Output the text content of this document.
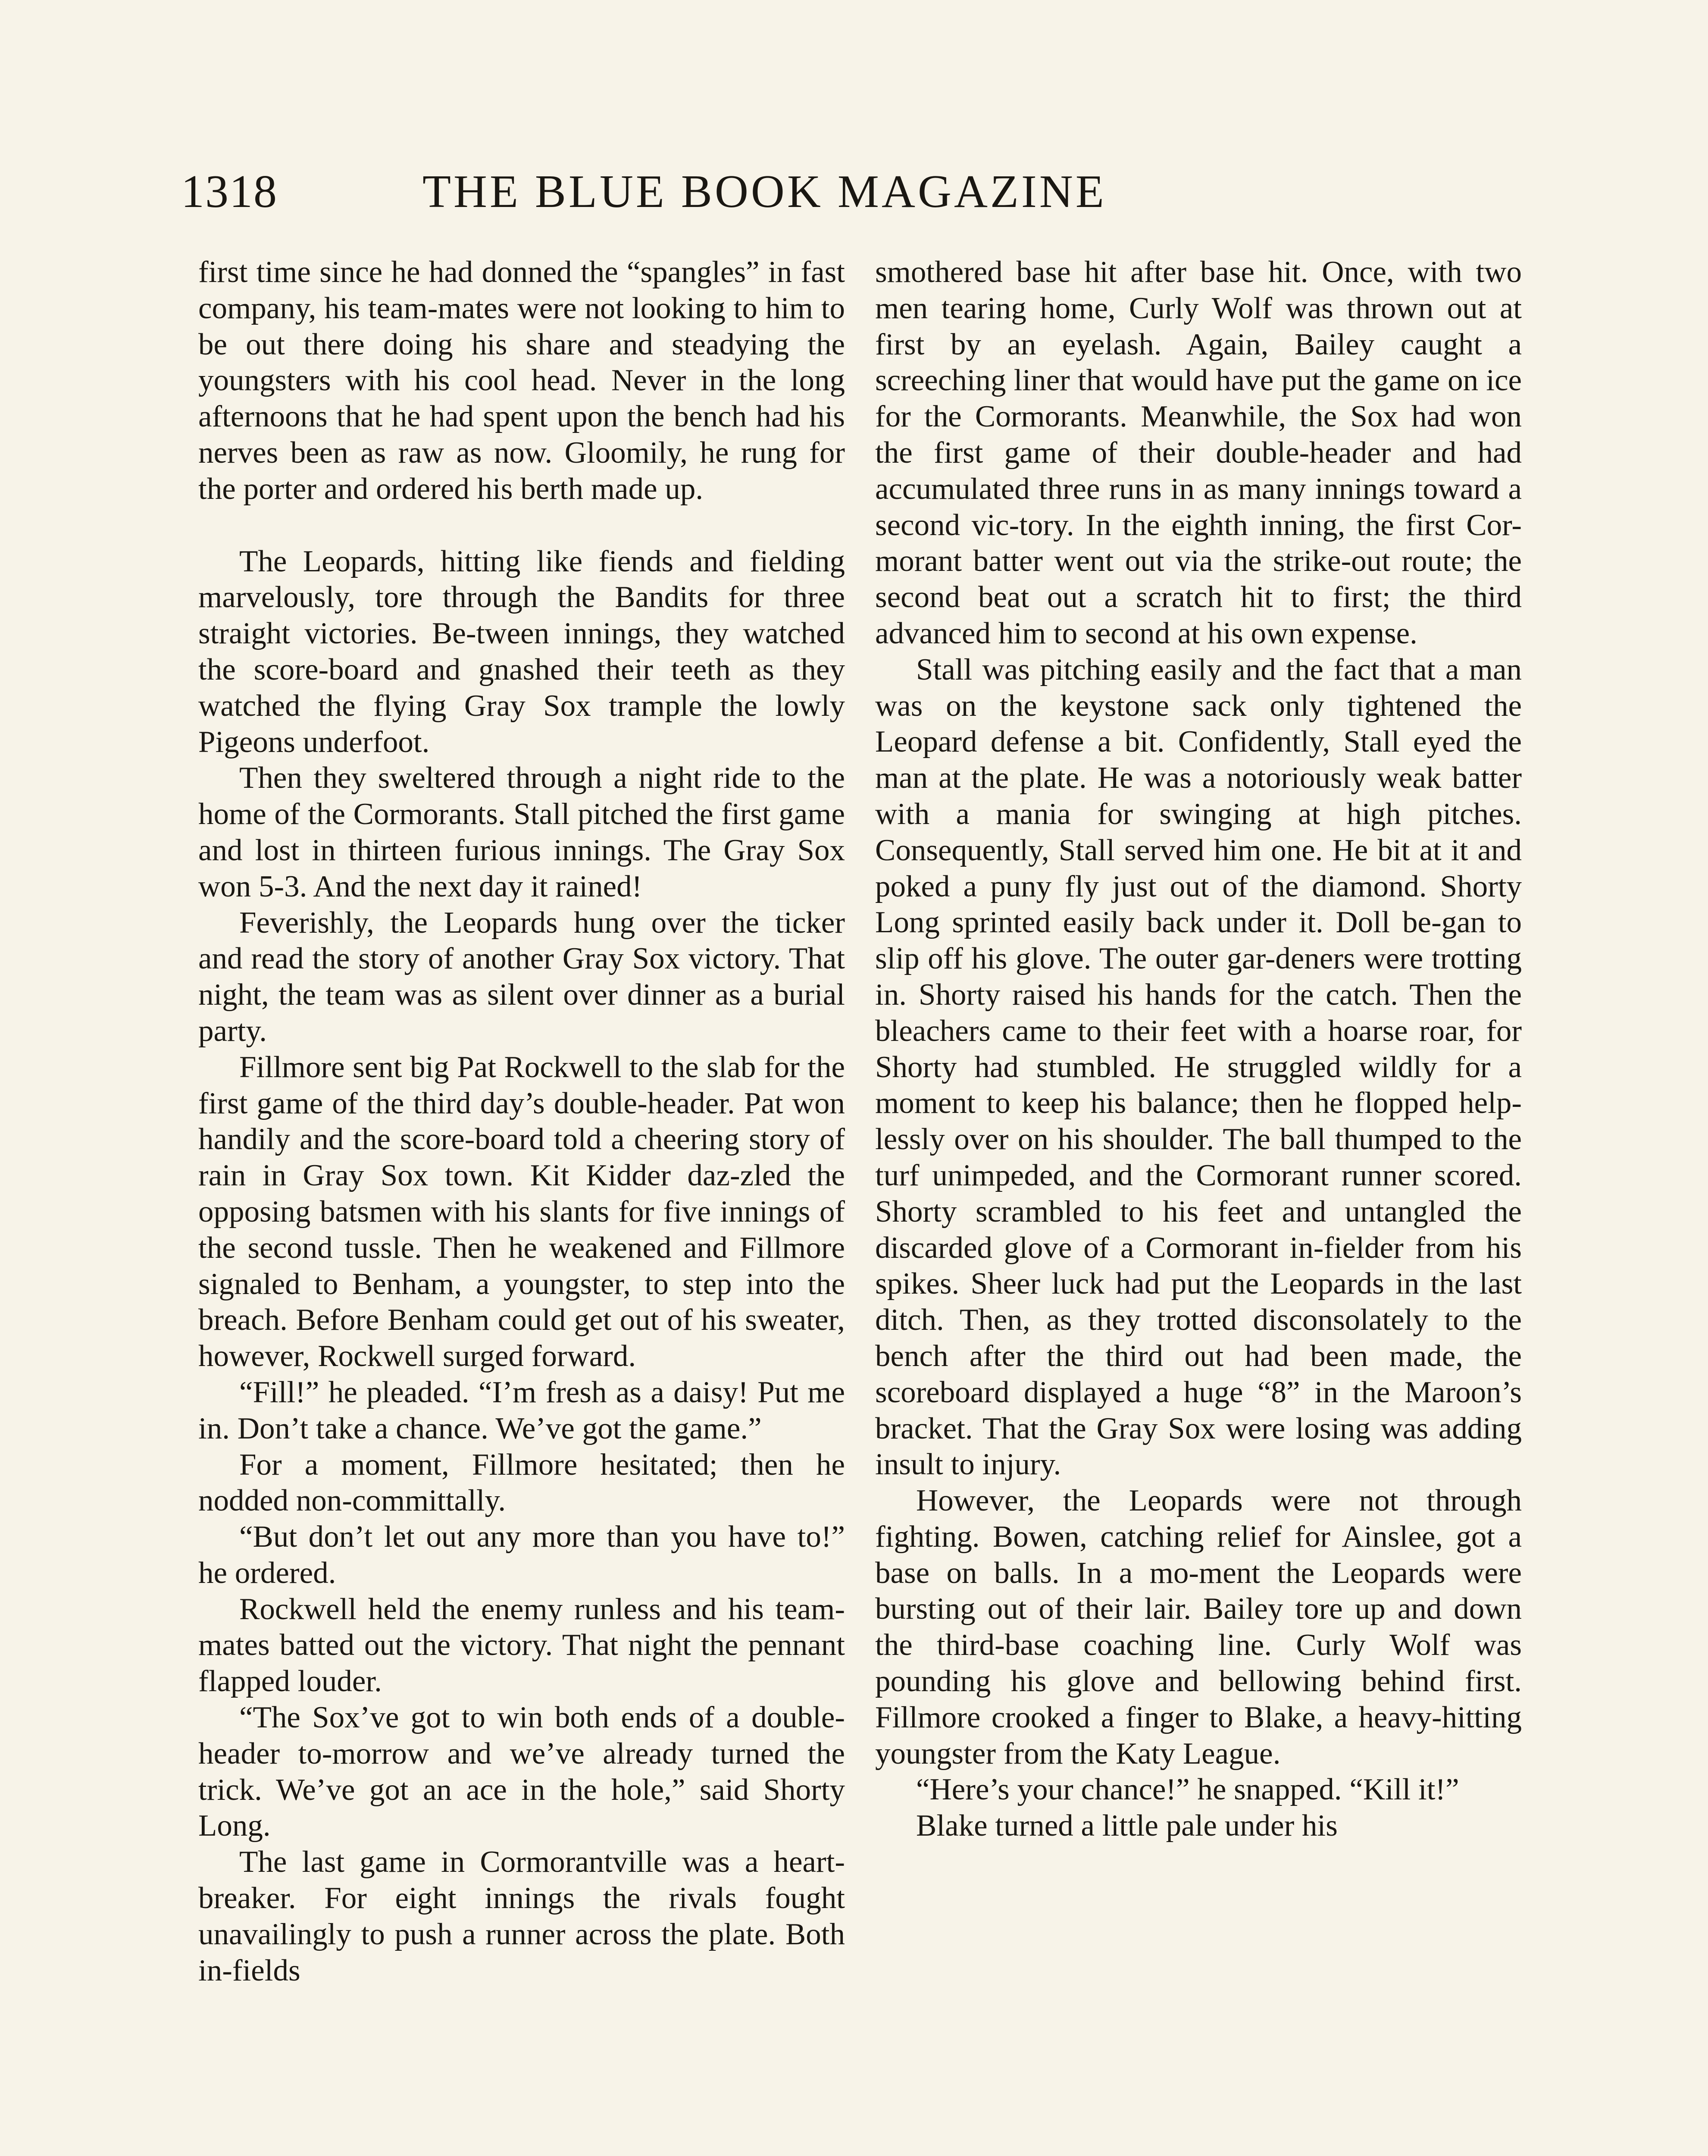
1318	THE BLUE BOOK MAGAZINE

first time since he had donned the “spangles” in fast company, his team-mates were not looking to him to be out there doing his share and steadying the youngsters with his cool head. Never in the long afternoons that he had spent upon the bench had his nerves been as raw as now. Gloomily, he rung for the porter and ordered his berth made up.

The Leopards, hitting like fiends and fielding marvelously, tore through the Bandits for three straight victories. Be-tween innings, they watched the score-board and gnashed their teeth as they watched the flying Gray Sox trample the lowly Pigeons underfoot.

Then they sweltered through a night ride to the home of the Cormorants. Stall pitched the first game and lost in thirteen furious innings. The Gray Sox won 5-3. And the next day it rained!

Feverishly, the Leopards hung over the ticker and read the story of another Gray Sox victory. That night, the team was as silent over dinner as a burial party.

Fillmore sent big Pat Rockwell to the slab for the first game of the third day’s double-header. Pat won handily and the score-board told a cheering story of rain in Gray Sox town. Kit Kidder daz-zled the opposing batsmen with his slants for five innings of the second tussle. Then he weakened and Fillmore signaled to Benham, a youngster, to step into the breach. Before Benham could get out of his sweater, however, Rockwell surged forward.

“Fill!” he pleaded. “I’m fresh as a daisy! Put me in. Don’t take a chance. We’ve got the game.”

For a moment, Fillmore hesitated; then he nodded non-committally.

“But don’t let out any more than you have to!” he ordered.

Rockwell held the enemy runless and his team-mates batted out the victory. That night the pennant flapped louder.

“The Sox’ve got to win both ends of a double-header to-morrow and we’ve already turned the trick. We’ve got an ace in the hole,” said Shorty Long.

The last game in Cormorantville was a heart-breaker. For eight innings the rivals fought unavailingly to push a runner across the plate. Both in-fields

smothered base hit after base hit. Once, with two men tearing home, Curly Wolf was thrown out at first by an eyelash. Again, Bailey caught a screeching liner that would have put the game on ice for the Cormorants. Meanwhile, the Sox had won the first game of their double-header and had accumulated three runs in as many innings toward a second vic-tory. In the eighth inning, the first Cor-morant batter went out via the strike-out route; the second beat out a scratch hit to first; the third advanced him to second at his own expense.

Stall was pitching easily and the fact that a man was on the keystone sack only tightened the Leopard defense a bit. Confidently, Stall eyed the man at the plate. He was a notoriously weak batter with a mania for swinging at high pitches. Consequently, Stall served him one. He bit at it and poked a puny fly just out of the diamond. Shorty Long sprinted easily back under it. Doll be-gan to slip off his glove. The outer gar-deners were trotting in. Shorty raised his hands for the catch. Then the bleachers came to their feet with a hoarse roar, for Shorty had stumbled. He struggled wildly for a moment to keep his balance; then he flopped help-lessly over on his shoulder. The ball thumped to the turf unimpeded, and the Cormorant runner scored. Shorty scrambled to his feet and untangled the discarded glove of a Cormorant in-fielder from his spikes. Sheer luck had put the Leopards in the last ditch. Then, as they trotted disconsolately to the bench after the third out had been made, the scoreboard displayed a huge “8” in the Maroon’s bracket. That the Gray Sox were losing was adding insult to injury.

However, the Leopards were not through fighting. Bowen, catching relief for Ainslee, got a base on balls. In a mo-ment the Leopards were bursting out of their lair. Bailey tore up and down the third-base coaching line. Curly Wolf was pounding his glove and bellowing behind first. Fillmore crooked a finger to Blake, a heavy-hitting youngster from the Katy League.

“Here’s your chance!” he snapped. “Kill it!”

Blake turned a little pale under his
